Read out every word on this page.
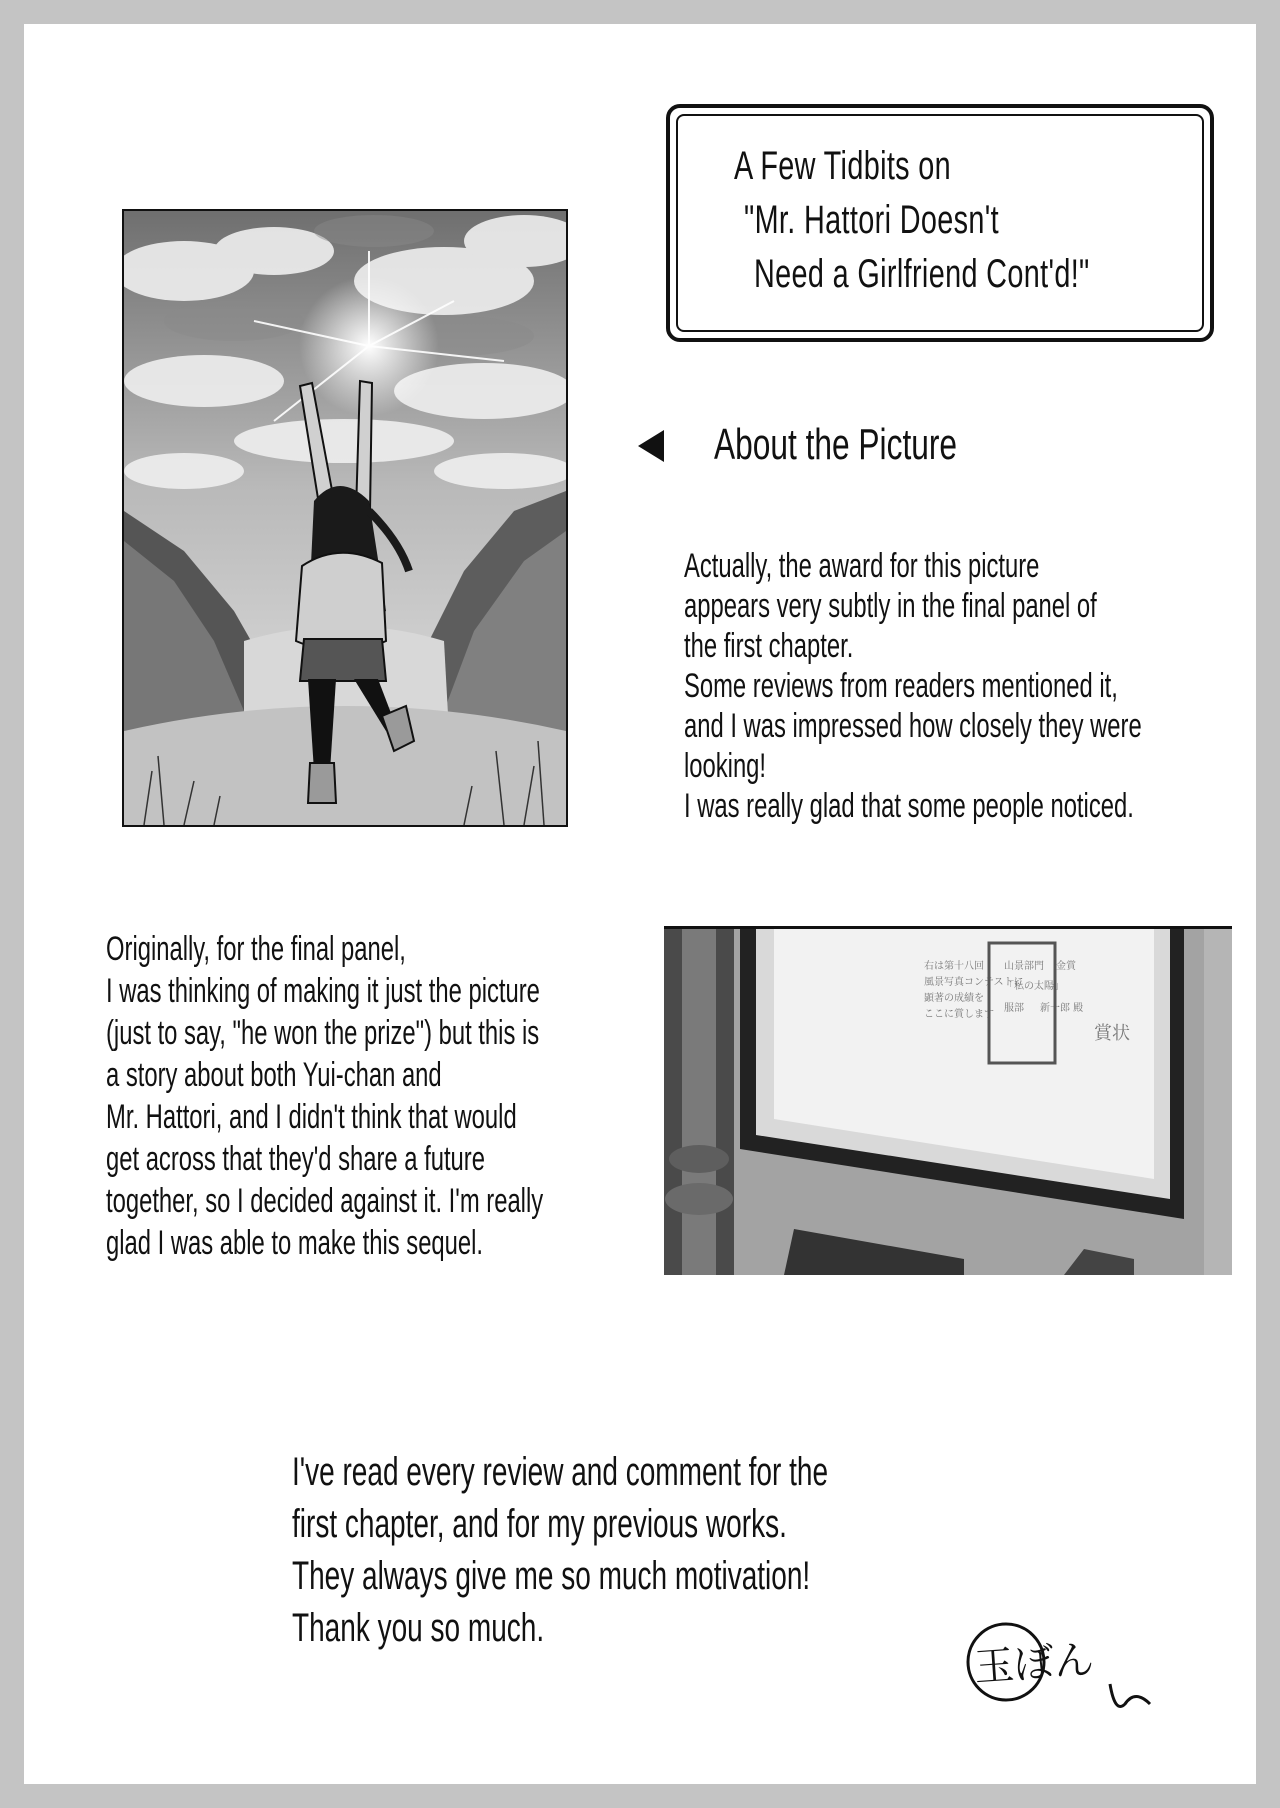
A Few Tidbits on
"Mr. Hattori Doesn't
Need a Girlfriend Cont'd!"
About the Picture
Actually, the award for this picture
appears very subtly in the final panel of
the first chapter.
Some reviews from readers mentioned it,
and I was impressed how closely they were
looking!
I was really glad that some people noticed.
Originally, for the final panel,
I was thinking of making it just the picture
(just to say, "he won the prize") but this is
a story about both Yui-chan and
Mr. Hattori, and I didn't think that would
get across that they'd share a future
together, so I decided against it. I'm really
glad I was able to make this sequel.
右は第十八回
風景写真コンテストに
顕著の成績を
ここに賞します
山景部門 金賞
「私の太陽」
服部 新一郎 殿
賞状
I've read every review and comment for the
first chapter, and for my previous works.
They always give me so much motivation!
Thank you so much.
玉ぼん
